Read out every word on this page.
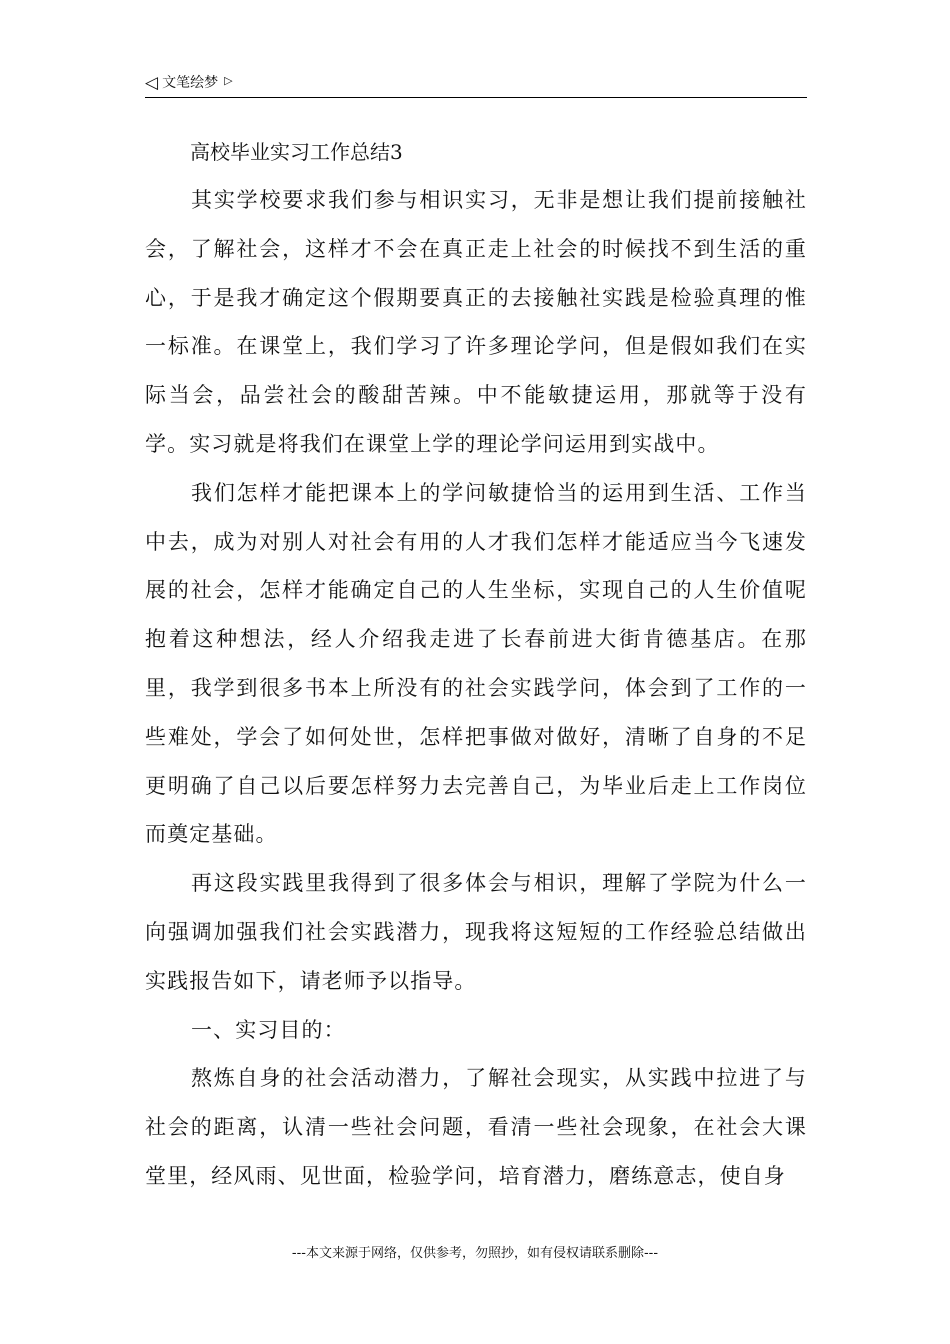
◁ 文笔绘梦 ▷

高校毕业实习工作总结3

其实学校要求我们参与相识实习，无非是想让我们提前接触社会，了解社会，这样才不会在真正走上社会的时候找不到生活的重心，于是我才确定这个假期要真正的去接触社实践是检验真理的惟一标准。在课堂上，我们学习了许多理论学问，但是假如我们在实际当会，品尝社会的酸甜苦辣。中不能敏捷运用，那就等于没有学。实习就是将我们在课堂上学的理论学问运用到实战中。

我们怎样才能把课本上的学问敏捷恰当的运用到生活、工作当中去，成为对别人对社会有用的人才我们怎样才能适应当今飞速发展的社会，怎样才能确定自己的人生坐标，实现自己的人生价值呢抱着这种想法，经人介绍我走进了长春前进大街肯德基店。在那里，我学到很多书本上所没有的社会实践学问，体会到了工作的一些难处，学会了如何处世，怎样把事做对做好，清晰了自身的不足更明确了自己以后要怎样努力去完善自己，为毕业后走上工作岗位而奠定基础。

再这段实践里我得到了很多体会与相识，理解了学院为什么一向强调加强我们社会实践潜力，现我将这短短的工作经验总结做出实践报告如下，请老师予以指导。

一、实习目的：

熬炼自身的社会活动潜力，了解社会现实，从实践中拉进了与社会的距离，认清一些社会问题，看清一些社会现象，在社会大课堂里，经风雨、见世面，检验学问，培育潜力，磨练意志，使自身

---本文来源于网络，仅供参考，勿照抄，如有侵权请联系删除---
